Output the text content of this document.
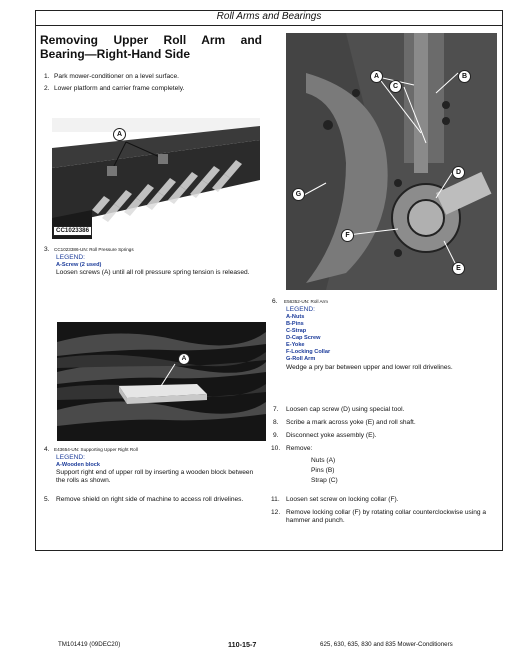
Roll Arms and Bearings
Removing Upper Roll Arm and
Bearing—Right-Hand Side
1. Park mower-conditioner on a level surface.
2. Lower platform and carrier frame completely.
A
CC1023386
3. CC1023386-UN: Roll Pressure Springs
LEGEND:
A-Screw (2 used)
Loosen screws (A) until all roll pressure spring tension is released.
A
4. E43654-UN: Supporting Upper Right Roll
LEGEND:
A-Wooden block
Support right end of upper roll by inserting a wooden block between the rolls as shown.
5. Remove shield on right side of machine to access roll drivelines.
A	B
C
D
E
F
G
6. E56352-UN: Roll Arm
LEGEND:
A-Nuts
B-Pins
C-Strap
D-Cap Screw
E-Yoke
F-Locking Collar
G-Roll Arm
Wedge a pry bar between upper and lower roll drivelines.
7. Loosen cap screw (D) using special tool.
8. Scribe a mark across yoke (E) and roll shaft.
9. Disconnect yoke assembly (E).
10. Remove:
Nuts (A)
Pins (B)
Strap (C)
11. Loosen set screw on locking collar (F).
12. Remove locking collar (F) by rotating collar counterclockwise using a hammer and punch.
TM101419 (09DEC20)	110-15-7	625, 630, 635, 830 and 835 Mower-Conditioners
